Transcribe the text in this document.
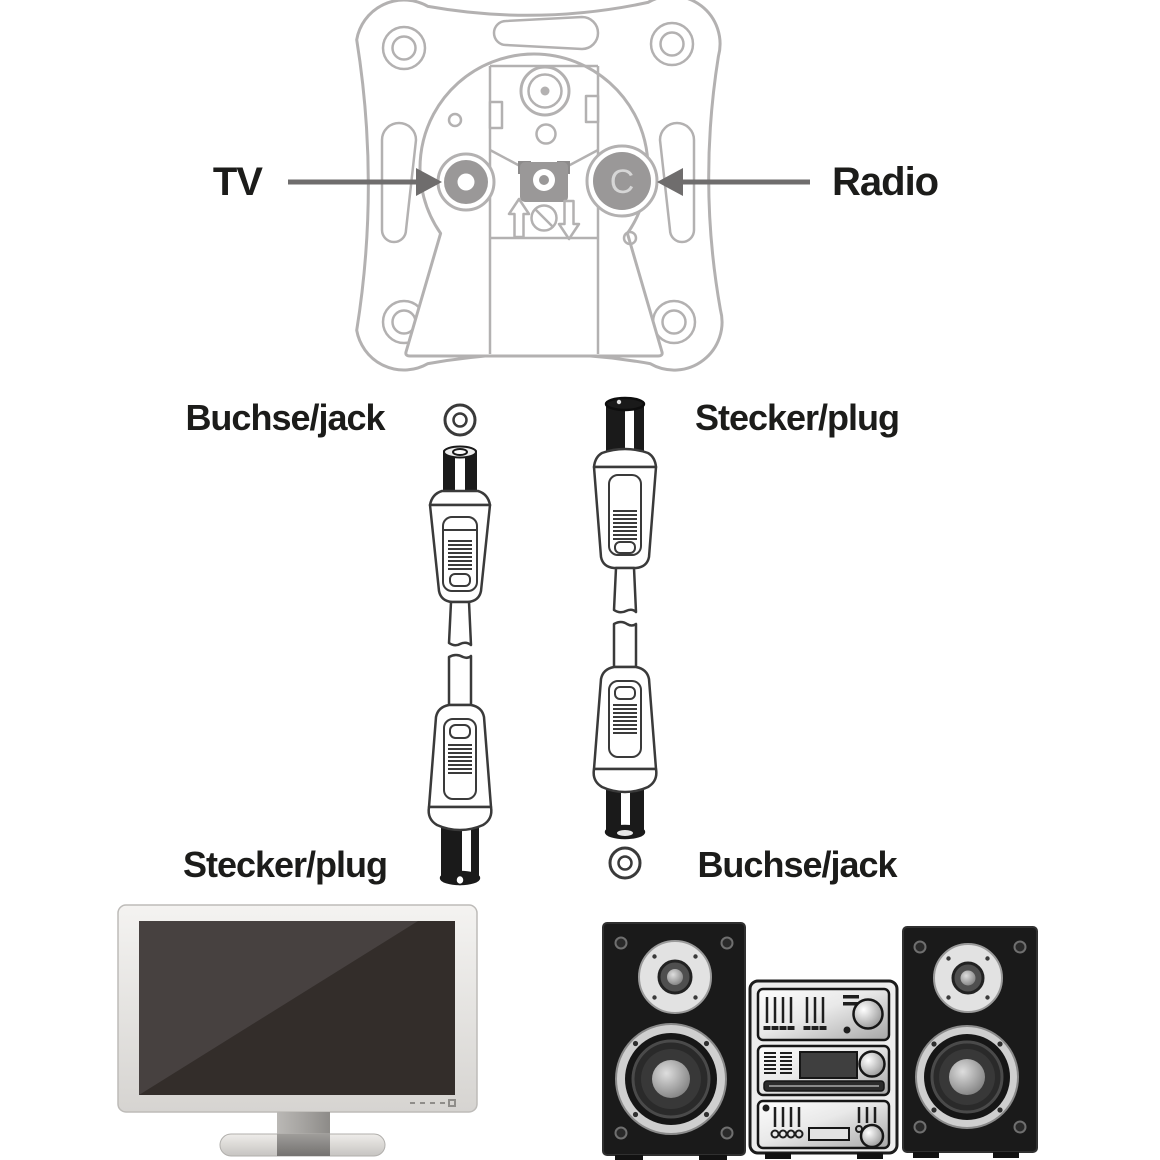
C
TV	Radio
Buchse/jack	Stecker/plug
Stecker/plug	Buchse/jack
